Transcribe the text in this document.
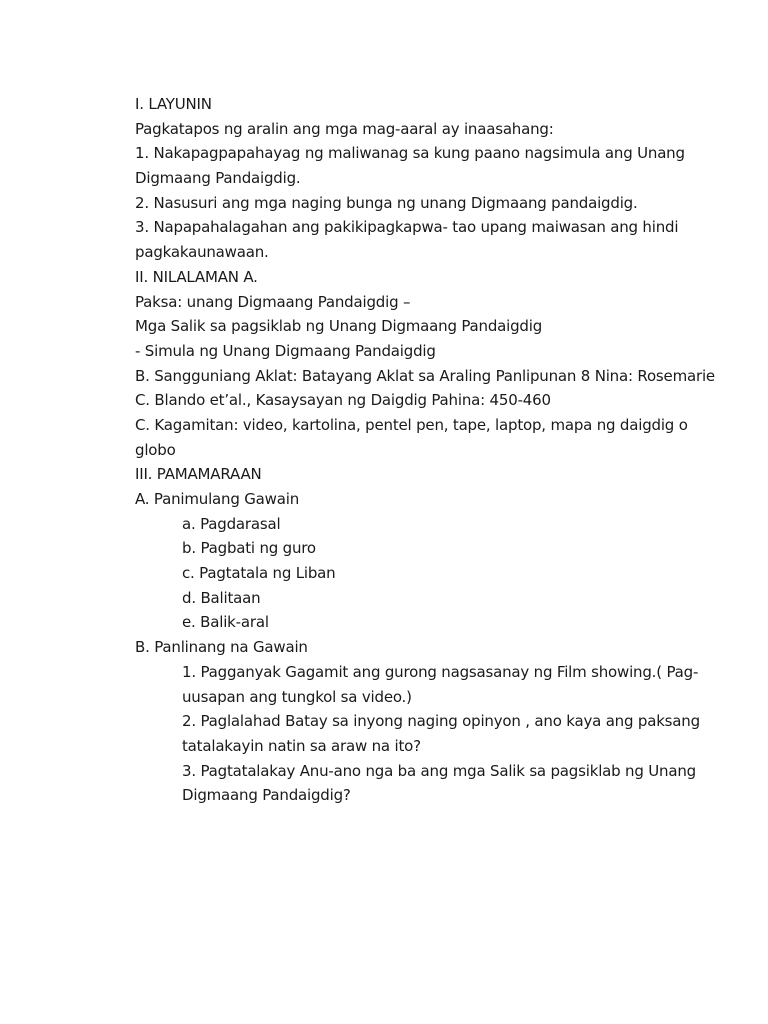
I. LAYUNIN
Pagkatapos ng aralin ang mga mag-aaral ay inaasahang:
1. Nakapagpapahayag ng maliwanag sa kung paano nagsimula ang Unang
Digmaang Pandaigdig.
2. Nasusuri ang mga naging bunga ng unang Digmaang pandaigdig.
3. Napapahalagahan ang pakikipagkapwa- tao upang maiwasan ang hindi
pagkakaunawaan.
II. NILALAMAN A.
Paksa: unang Digmaang Pandaigdig –
Mga Salik sa pagsiklab ng Unang Digmaang Pandaigdig
- Simula ng Unang Digmaang Pandaigdig
B. Sangguniang Aklat: Batayang Aklat sa Araling Panlipunan 8 Nina: Rosemarie
C. Blando et’al., Kasaysayan ng Daigdig Pahina: 450-460
C. Kagamitan: video, kartolina, pentel pen, tape, laptop, mapa ng daigdig o
globo
III. PAMAMARAAN
A. Panimulang Gawain
a. Pagdarasal
b. Pagbati ng guro
c. Pagtatala ng Liban
d. Balitaan
e. Balik-aral
B. Panlinang na Gawain
1. Pagganyak Gagamit ang gurong nagsasanay ng Film showing.( Pag-
uusapan ang tungkol sa video.)
2. Paglalahad Batay sa inyong naging opinyon , ano kaya ang paksang
tatalakayin natin sa araw na ito?
3. Pagtatalakay Anu-ano nga ba ang mga Salik sa pagsiklab ng Unang
Digmaang Pandaigdig?
